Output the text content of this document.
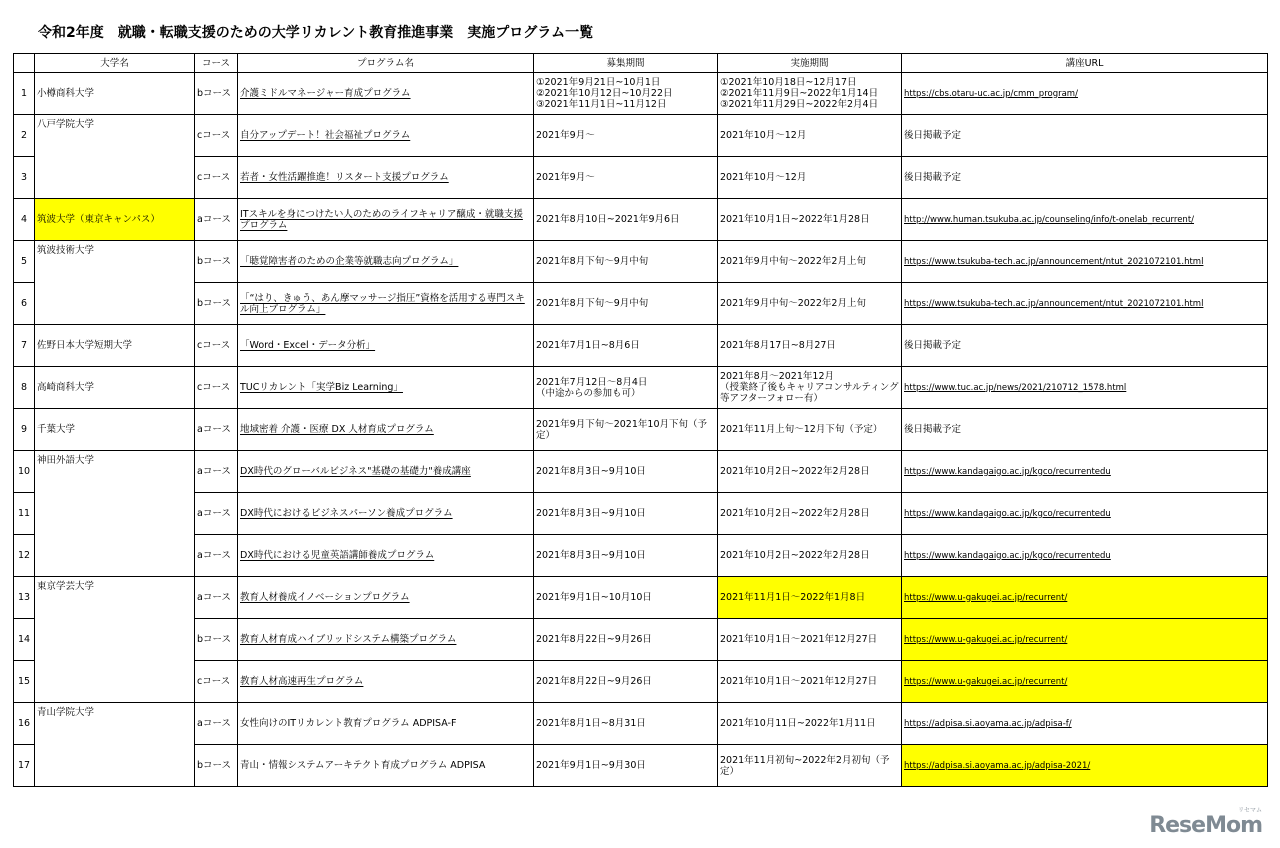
令和2年度　就職・転職支援のための大学リカレント教育推進事業　実施プログラム一覧
	大学名	コース	プログラム名	募集期間	実施期間	講座URL
1	小樽商科大学	bコース	介護ミドルマネージャー育成プログラム	①2021年9月21日~10月1日
②2021年10月12日~10月22日
③2021年11月1日~11月12日	①2021年10月18日~12月17日
②2021年11月9日~2022年1月14日
③2021年11月29日~2022年2月4日	https://cbs.otaru-uc.ac.jp/cmm_program/
2	八戸学院大学	cコース	自分アップデート！社会福祉プログラム	2021年9月～	2021年10月～12月	後日掲載予定
3		cコース	若者・女性活躍推進！リスタート支援プログラム	2021年9月～	2021年10月～12月	後日掲載予定
4	筑波大学（東京キャンパス）	aコース	ITスキルを身につけたい人のためのライフキャリア醸成・就職支援プログラム	2021年8月10日~2021年9月6日	2021年10月1日~2022年1月28日	http://www.human.tsukuba.ac.jp/counseling/info/t-onelab_recurrent/
5	筑波技術大学	bコース	「聴覚障害者のための企業等就職志向プログラム」	2021年8月下旬～9月中旬	2021年9月中旬～2022年2月上旬	https://www.tsukuba-tech.ac.jp/announcement/ntut_2021072101.html
6		bコース	「“はり、きゅう、あん摩マッサージ指圧”資格を活用する専門スキル向上プログラム」	2021年8月下旬～9月中旬	2021年9月中旬～2022年2月上旬	https://www.tsukuba-tech.ac.jp/announcement/ntut_2021072101.html
7	佐野日本大学短期大学	cコース	「Word・Excel・データ分析」	2021年7月1日~8月6日	2021年8月17日~8月27日	後日掲載予定
8	高崎商科大学	cコース	TUCリカレント「実学Biz Learning」	2021年7月12日～8月4日
（中途からの参加も可）	2021年8月～2021年12月
（授業終了後もキャリアコンサルティング等アフターフォロー有）	https://www.tuc.ac.jp/news/2021/210712_1578.html
9	千葉大学	aコース	地域密着 介護・医療 DX 人材育成プログラム	2021年9月下旬～2021年10月下旬（予定）	2021年11月上旬～12月下旬（予定）	後日掲載予定
10	神田外語大学	aコース	DX時代のグローバルビジネス"基礎の基礎力"養成講座	2021年8月3日~9月10日	2021年10月2日~2022年2月28日	https://www.kandagaigo.ac.jp/kgco/recurrentedu
11		aコース	DX時代におけるビジネスパーソン養成プログラム	2021年8月3日~9月10日	2021年10月2日~2022年2月28日	https://www.kandagaigo.ac.jp/kgco/recurrentedu
12		aコース	DX時代における児童英語講師養成プログラム	2021年8月3日~9月10日	2021年10月2日~2022年2月28日	https://www.kandagaigo.ac.jp/kgco/recurrentedu
13	東京学芸大学	aコース	教育人材養成イノベーションプログラム	2021年9月1日~10月10日	2021年11月1日～2022年1月8日	https://www.u-gakugei.ac.jp/recurrent/
14		bコース	教育人材育成ハイブリッドシステム構築プログラム	2021年8月22日~9月26日	2021年10月1日～2021年12月27日	https://www.u-gakugei.ac.jp/recurrent/
15		cコース	教育人材高速再生プログラム	2021年8月22日~9月26日	2021年10月1日～2021年12月27日	https://www.u-gakugei.ac.jp/recurrent/
16	青山学院大学	aコース	女性向けのITリカレント教育プログラム ADPISA-F	2021年8月1日~8月31日	2021年10月11日~2022年1月11日	https://adpisa.si.aoyama.ac.jp/adpisa-f/
17		bコース	青山・情報システムアーキテクト育成プログラム ADPISA	2021年9月1日~9月30日	2021年11月初旬~2022年2月初旬（予定）	https://adpisa.si.aoyama.ac.jp/adpisa-2021/
リセマム
ReseMom
